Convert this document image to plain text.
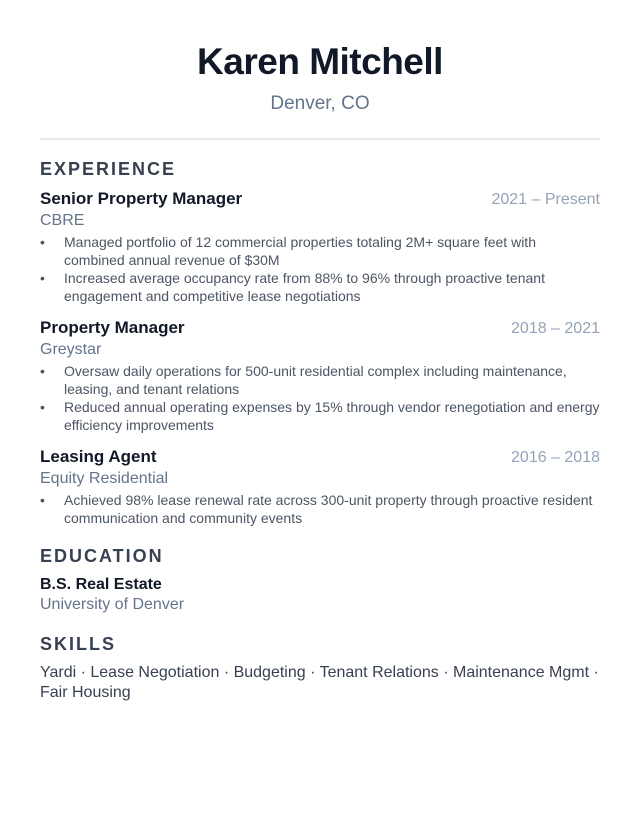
Karen Mitchell
Denver, CO
EXPERIENCE
Senior Property Manager	2021 – Present
CBRE
• Managed portfolio of 12 commercial properties totaling 2M+ square feet with combined annual revenue of $30M
• Increased average occupancy rate from 88% to 96% through proactive tenant engagement and competitive lease negotiations
Property Manager	2018 – 2021
Greystar
• Oversaw daily operations for 500-unit residential complex including maintenance, leasing, and tenant relations
• Reduced annual operating expenses by 15% through vendor renegotiation and energy efficiency improvements
Leasing Agent	2016 – 2018
Equity Residential
• Achieved 98% lease renewal rate across 300-unit property through proactive resident communication and community events
EDUCATION
B.S. Real Estate
University of Denver
SKILLS
Yardi · Lease Negotiation · Budgeting · Tenant Relations · Maintenance Mgmt · Fair Housing
